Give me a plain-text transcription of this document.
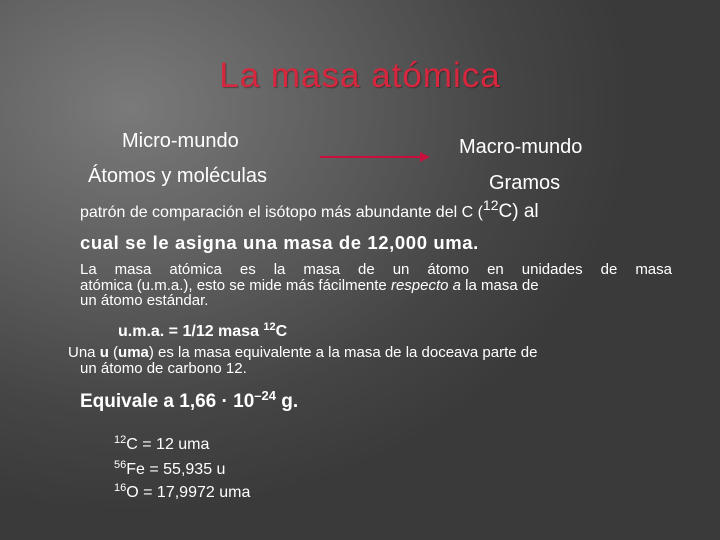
La masa atómica
Micro-mundo
Átomos y moléculas
Macro-mundo
Gramos
patrón de comparación el isótopo más abundante del C (12C) al
cual se le asigna una masa de 12,000 uma.
La masa atómica es la masa de un átomo en unidades de masa
atómica (u.m.a.), esto se mide más fácilmente respecto a la masa de
un átomo estándar.
u.m.a. = 1/12 masa $^{12}$C
Una u (uma) es la masa equivalente a la masa de la doceava parte de
un átomo de carbono 12.
Equivale a $1,66 \cdot 10^{-24}$ g.
$^{12}$C = 12 uma
$^{56}$Fe = 55,935 u
$^{16}$O = 17,9972 uma
